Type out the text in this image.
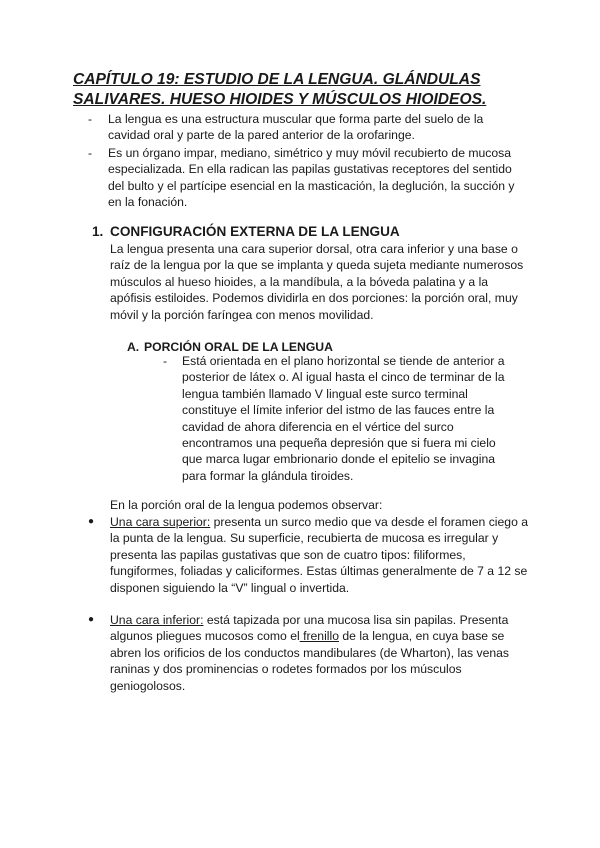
CAPÍTULO 19: ESTUDIO DE LA LENGUA. GLÁNDULAS SALIVARES. HUESO HIOIDES Y MÚSCULOS HIOIDEOS.
- La lengua es una estructura muscular que forma parte del suelo de la cavidad oral y parte de la pared anterior de la orofaringe.
- Es un órgano impar, mediano, simétrico y muy móvil recubierto de mucosa especializada. En ella radican las papilas gustativas receptores del sentido del bulto y el partícipe esencial en la masticación, la deglución, la succión y en la fonación.
1. CONFIGURACIÓN EXTERNA DE LA LENGUA

La lengua presenta una cara superior dorsal, otra cara inferior y una base o raíz de la lengua por la que se implanta y queda sujeta mediante numerosos músculos al hueso hioides, a la mandíbula, a la bóveda palatina y a la apófisis estiloides. Podemos dividirla en dos porciones: la porción oral, muy móvil y la porción faríngea con menos movilidad.

A. PORCIÓN ORAL DE LA LENGUA
- Está orientada en el plano horizontal se tiende de anterior a posterior de látex o. Al igual hasta el cinco de terminar de la lengua también llamado V lingual este surco terminal constituye el límite inferior del istmo de las fauces entre la cavidad de ahora diferencia en el vértice del surco encontramos una pequeña depresión que si fuera mi cielo que marca lugar embrionario donde el epitelio se invagina para formar la glándula tiroides.

En la porción oral de la lengua podemos observar:

● Una cara superior: presenta un surco medio que va desde el foramen ciego a la punta de la lengua. Su superficie, recubierta de mucosa es irregular y presenta las papilas gustativas que son de cuatro tipos: filiformes, fungiformes, foliadas y caliciformes. Estas últimas generalmente de 7 a 12 se disponen siguiendo la “V” lingual o invertida.
● Una cara inferior: está tapizada por una mucosa lisa sin papilas. Presenta algunos pliegues mucosos como el frenillo de la lengua, en cuya base se abren los orificios de los conductos mandibulares (de Wharton), las venas raninas y dos prominencias o rodetes formados por los músculos geniogolosos.
